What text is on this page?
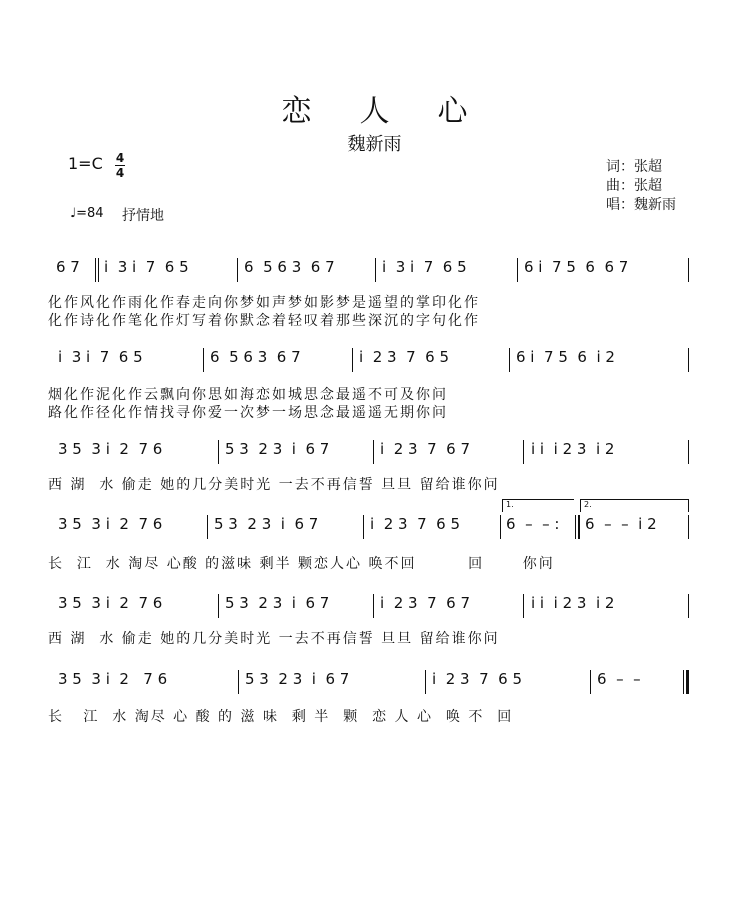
恋人心
魏新雨
1=C 4
4
♩=84 抒情地
词：张超
曲：张超
唱：魏新雨
6 7 i  3 i  7  6 5	6  5 6 3  6 7	i  3 i  7  6 5	6 i  7 5  6  6 7
化作风化作雨化作春走向你梦如声梦如影梦是遥望的掌印化作
化作诗化作笔化作灯写着你默念着轻叹着那些深沉的字句化作
i  3 i  7  6 5	6  5 6 3  6 7	i  2 3  7  6 5	6 i  7 5  6  i 2
烟化作泥化作云飘向你思如海恋如城思念最遥不可及你问
路化作径化作情找寻你爱一次梦一场思念最遥遥无期你问
3 5  3 i  2  7 6	5 3  2 3  i  6 7	i  2 3  7  6 7	i i  i 2 3  i 2
西 湖  水 偷走 她的几分美时光 一去不再信誓 旦旦 留给谁你问
1.	2.
3 5  3 i  2  7 6	5 3  2 3  i  6 7	i  2 3  7  6 5	6  –  – : 6  –  –  i 2
长  江  水 淘尽 心酸 的滋味 剩半 颗恋人心 唤不回        回      你问
3 5  3 i  2  7 6	5 3  2 3  i  6 7	i  2 3  7  6 7	i i  i 2 3  i 2
西 湖  水 偷走 她的几分美时光 一去不再信誓 旦旦 留给谁你问
3 5  3 i  2   7 6	5 3  2 3  i  6 7	i  2 3  7  6 5	6  –  –
长   江  水 淘尽 心 酸 的 滋 味  剩 半  颗  恋 人 心  唤 不  回
